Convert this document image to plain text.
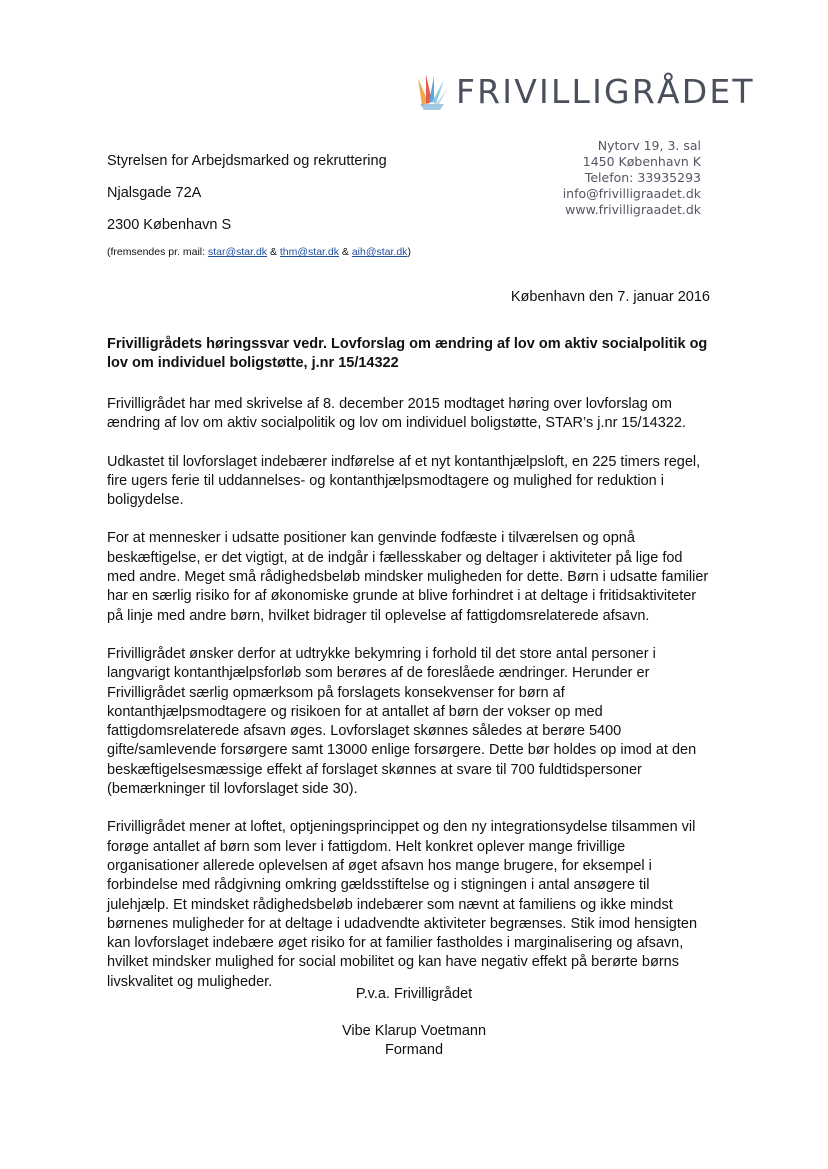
FRIVILLIGRÅDET
Nytorv 19, 3. sal
1450 København K
Telefon: 33935293
info@frivilligraadet.dk
www.frivilligraadet.dk
Styrelsen for Arbejdsmarked og rekruttering
Njalsgade 72A
2300 København S
(fremsendes pr. mail: star@star.dk & thm@star.dk & aih@star.dk)
København den 7. januar 2016
Frivilligrådets høringssvar vedr. Lovforslag om ændring af lov om aktiv socialpolitik og lov om individuel boligstøtte, j.nr 15/14322

Frivilligrådet har med skrivelse af 8. december 2015 modtaget høring over lovforslag om ændring af lov om aktiv socialpolitik og lov om individuel boligstøtte, STAR’s j.nr 15/14322.

Udkastet til lovforslaget indebærer indførelse af et nyt kontanthjælpsloft, en 225 timers regel, fire ugers ferie til uddannelses- og kontanthjælpsmodtagere og mulighed for reduktion i boligydelse.

For at mennesker i udsatte positioner kan genvinde fodfæste i tilværelsen og opnå beskæftigelse, er det vigtigt, at de indgår i fællesskaber og deltager i aktiviteter på lige fod med andre. Meget små rådighedsbeløb mindsker muligheden for dette. Børn i udsatte familier har en særlig risiko for af økonomiske grunde at blive forhindret i at deltage i fritidsaktiviteter på linje med andre børn, hvilket bidrager til oplevelse af fattigdomsrelaterede afsavn.

Frivilligrådet ønsker derfor at udtrykke bekymring i forhold til det store antal personer i langvarigt kontanthjælpsforløb som berøres af de foreslåede ændringer. Herunder er Frivilligrådet særlig opmærksom på forslagets konsekvenser for børn af kontanthjælpsmodtagere og risikoen for at antallet af børn der vokser op med fattigdomsrelaterede afsavn øges. Lovforslaget skønnes således at berøre 5400 gifte/samlevende forsørgere samt 13000 enlige forsørgere. Dette bør holdes op imod at den beskæftigelsesmæssige effekt af forslaget skønnes at svare til 700 fuldtidspersoner (bemærkninger til lovforslaget side 30).

Frivilligrådet mener at loftet, optjeningsprincippet og den ny integrationsydelse tilsammen vil forøge antallet af børn som lever i fattigdom. Helt konkret oplever mange frivillige organisationer allerede oplevelsen af øget afsavn hos mange brugere, for eksempel i forbindelse med rådgivning omkring gældsstiftelse og i stigningen i antal ansøgere til julehjælp. Et mindsket rådighedsbeløb indebærer som nævnt at familiens og ikke mindst børnenes muligheder for at deltage i udadvendte aktiviteter begrænses. Stik imod hensigten kan lovforslaget indebære øget risiko for at familier fastholdes i marginalisering og afsavn, hvilket mindsker mulighed for social mobilitet og kan have negativ effekt på berørte børns livskvalitet og muligheder.

P.v.a. Frivilligrådet
Vibe Klarup Voetmann
Formand
